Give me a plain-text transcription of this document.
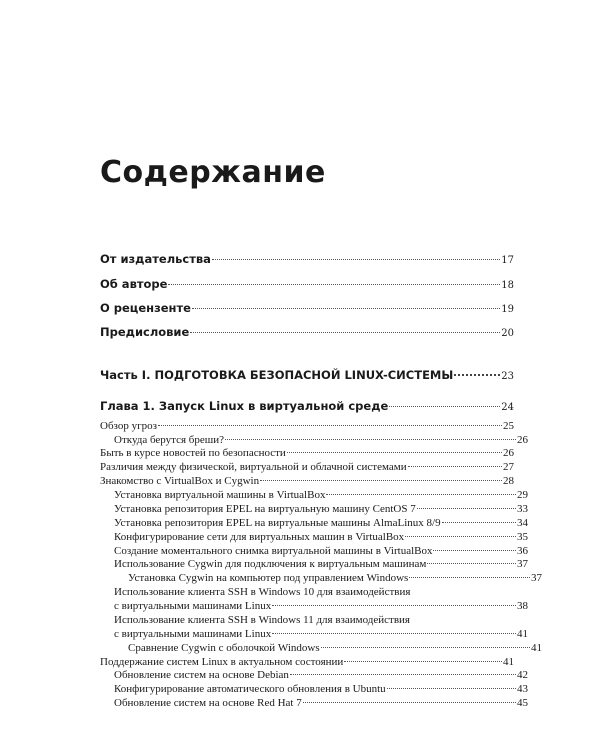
Содержание
От издательства	17
Об авторе	18
О рецензенте	19
Предисловие	20
Часть I. ПОДГОТОВКА БЕЗОПАСНОЙ LINUX-СИСТЕМЫ	23
Глава 1. Запуск Linux в виртуальной среде	24
Обзор угроз	25
Откуда берутся бреши?	26
Быть в курсе новостей по безопасности	26
Различия между физической, виртуальной и облачной системами	27
Знакомство с VirtualBox и Cygwin	28
Установка виртуальной машины в VirtualBox	29
Установка репозитория EPEL на виртуальную машину CentOS 7	33
Установка репозитория EPEL на виртуальные машины AlmaLinux 8/9	34
Конфигурирование сети для виртуальных машин в VirtualBox	35
Создание моментального снимка виртуальной машины в VirtualBox	36
Использование Cygwin для подключения к виртуальным машинам	37
Установка Cygwin на компьютер под управлением Windows	37
Использование клиента SSH в Windows 10 для взаимодействия
с виртуальными машинами Linux	38
Использование клиента SSH в Windows 11 для взаимодействия
с виртуальными машинами Linux	41
Сравнение Cygwin с оболочкой Windows	41
Поддержание систем Linux в актуальном состоянии	41
Обновление систем на основе Debian	42
Конфигурирование автоматического обновления в Ubuntu	43
Обновление систем на основе Red Hat 7	45
